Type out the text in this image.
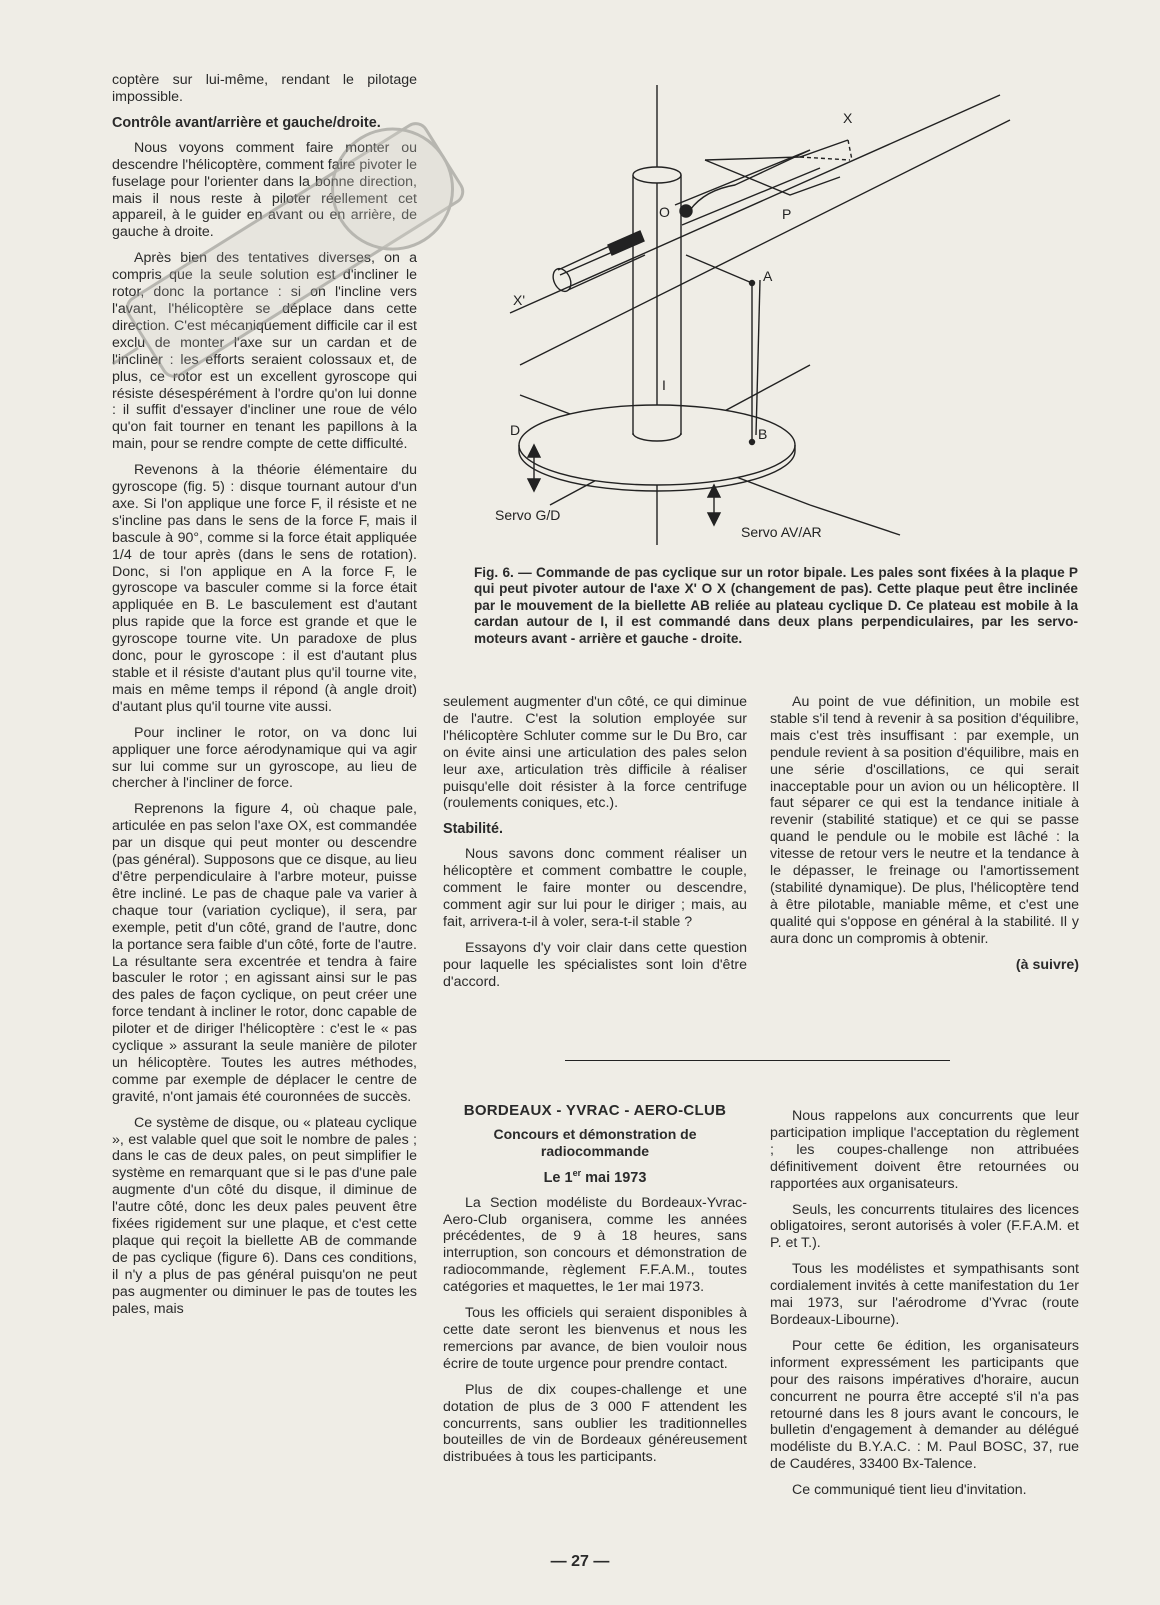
coptère sur lui-même, rendant le pilotage impossible.

Contrôle avant/arrière et gauche/droite.

Nous voyons comment faire monter ou descendre l'hélicoptère, comment faire pivoter le fuselage pour l'orienter dans la bonne direction, mais il nous reste à piloter réellement cet appareil, à le guider en avant ou en arrière, de gauche à droite.

Après bien des tentatives diverses, on a compris que la seule solution est d'incliner le rotor, donc la portance : si on l'incline vers l'avant, l'hélicoptère se déplace dans cette direction. C'est mécaniquement difficile car il est exclu de monter l'axe sur un cardan et de l'incliner : les efforts seraient colossaux et, de plus, ce rotor est un excellent gyroscope qui résiste désespérément à l'ordre qu'on lui donne : il suffit d'essayer d'incliner une roue de vélo qu'on fait tourner en tenant les papillons à la main, pour se rendre compte de cette difficulté.

Revenons à la théorie élémentaire du gyroscope (fig. 5) : disque tournant autour d'un axe. Si l'on applique une force F, il résiste et ne s'incline pas dans le sens de la force F, mais il bascule à 90°, comme si la force était appliquée 1/4 de tour après (dans le sens de rotation). Donc, si l'on applique en A la force F, le gyroscope va basculer comme si la force était appliquée en B. Le basculement est d'autant plus rapide que la force est grande et que le gyroscope tourne vite. Un paradoxe de plus donc, pour le gyroscope : il est d'autant plus stable et il résiste d'autant plus qu'il tourne vite, mais en même temps il répond (à angle droit) d'autant plus qu'il tourne vite aussi.

Pour incliner le rotor, on va donc lui appliquer une force aérodynamique qui va agir sur lui comme sur un gyroscope, au lieu de chercher à l'incliner de force.

Reprenons la figure 4, où chaque pale, articulée en pas selon l'axe OX, est commandée par un disque qui peut monter ou descendre (pas général). Supposons que ce disque, au lieu d'être perpendiculaire à l'arbre moteur, puisse être incliné. Le pas de chaque pale va varier à chaque tour (variation cyclique), il sera, par exemple, petit d'un côté, grand de l'autre, donc la portance sera faible d'un côté, forte de l'autre. La résultante sera excentrée et tendra à faire basculer le rotor ; en agissant ainsi sur le pas des pales de façon cyclique, on peut créer une force tendant à incliner le rotor, donc capable de piloter et de diriger l'hélicoptère : c'est le « pas cyclique » assurant la seule manière de piloter un hélicoptère. Toutes les autres méthodes, comme par exemple de déplacer le centre de gravité, n'ont jamais été couronnées de succès.

Ce système de disque, ou « plateau cyclique », est valable quel que soit le nombre de pales ; dans le cas de deux pales, on peut simplifier le système en remarquant que si le pas d'une pale augmente d'un côté du disque, il diminue de l'autre côté, donc les deux pales peuvent être fixées rigidement sur une plaque, et c'est cette plaque qui reçoit la biellette AB de commande de pas cyclique (figure 6). Dans ces conditions, il n'y a plus de pas général puisqu'on ne peut pas augmenter ou diminuer le pas de toutes les pales, mais

X
X'
O	P
A
B
I
D
Servo G/D
Servo AV/AR

Fig. 6. — Commande de pas cyclique sur un rotor bipale. Les pales sont fixées à la plaque P qui peut pivoter autour de l'axe X' O X (changement de pas). Cette plaque peut être inclinée par le mouvement de la biellette AB reliée au plateau cyclique D. Ce plateau est mobile à la cardan autour de I, il est commandé dans deux plans perpendiculaires, par les servo-moteurs avant - arrière et gauche - droite.

seulement augmenter d'un côté, ce qui diminue de l'autre. C'est la solution employée sur l'hélicoptère Schluter comme sur le Du Bro, car on évite ainsi une articulation des pales selon leur axe, articulation très difficile à réaliser puisqu'elle doit résister à la force centrifuge (roulements coniques, etc.).

Stabilité.

Nous savons donc comment réaliser un hélicoptère et comment combattre le couple, comment le faire monter ou descendre, comment agir sur lui pour le diriger ; mais, au fait, arrivera-t-il à voler, sera-t-il stable ?

Essayons d'y voir clair dans cette question pour laquelle les spécialistes sont loin d'être d'accord.

Au point de vue définition, un mobile est stable s'il tend à revenir à sa position d'équilibre, mais c'est très insuffisant : par exemple, un pendule revient à sa position d'équilibre, mais en une série d'oscillations, ce qui serait inacceptable pour un avion ou un hélicoptère. Il faut séparer ce qui est la tendance initiale à revenir (stabilité statique) et ce qui se passe quand le pendule ou le mobile est lâché : la vitesse de retour vers le neutre et la tendance à le dépasser, le freinage ou l'amortissement (stabilité dynamique). De plus, l'hélicoptère tend à être pilotable, maniable même, et c'est une qualité qui s'oppose en général à la stabilité. Il y aura donc un compromis à obtenir.

(à suivre)

BORDEAUX - YVRAC - AERO-CLUB
Concours et démonstration de radiocommande
Le 1er mai 1973

La Section modéliste du Bordeaux-Yvrac-Aero-Club organisera, comme les années précédentes, de 9 à 18 heures, sans interruption, son concours et démonstration de radiocommande, règlement F.F.A.M., toutes catégories et maquettes, le 1er mai 1973.

Tous les officiels qui seraient disponibles à cette date seront les bienvenus et nous les remercions par avance, de bien vouloir nous écrire de toute urgence pour prendre contact.

Plus de dix coupes-challenge et une dotation de plus de 3 000 F attendent les concurrents, sans oublier les traditionnelles bouteilles de vin de Bordeaux généreusement distribuées à tous les participants.

Nous rappelons aux concurrents que leur participation implique l'acceptation du règlement ; les coupes-challenge non attribuées définitivement doivent être retournées ou rapportées aux organisateurs.

Seuls, les concurrents titulaires des licences obligatoires, seront autorisés à voler (F.F.A.M. et P. et T.).

Tous les modélistes et sympathisants sont cordialement invités à cette manifestation du 1er mai 1973, sur l'aérodrome d'Yvrac (route Bordeaux-Libourne).

Pour cette 6e édition, les organisateurs informent expressément les participants que pour des raisons impératives d'horaire, aucun concurrent ne pourra être accepté s'il n'a pas retourné dans les 8 jours avant le concours, le bulletin d'engagement à demander au délégué modéliste du B.Y.A.C. : M. Paul BOSC, 37, rue de Caudéres, 33400 Bx-Talence.

Ce communiqué tient lieu d'invitation.

— 27 —
